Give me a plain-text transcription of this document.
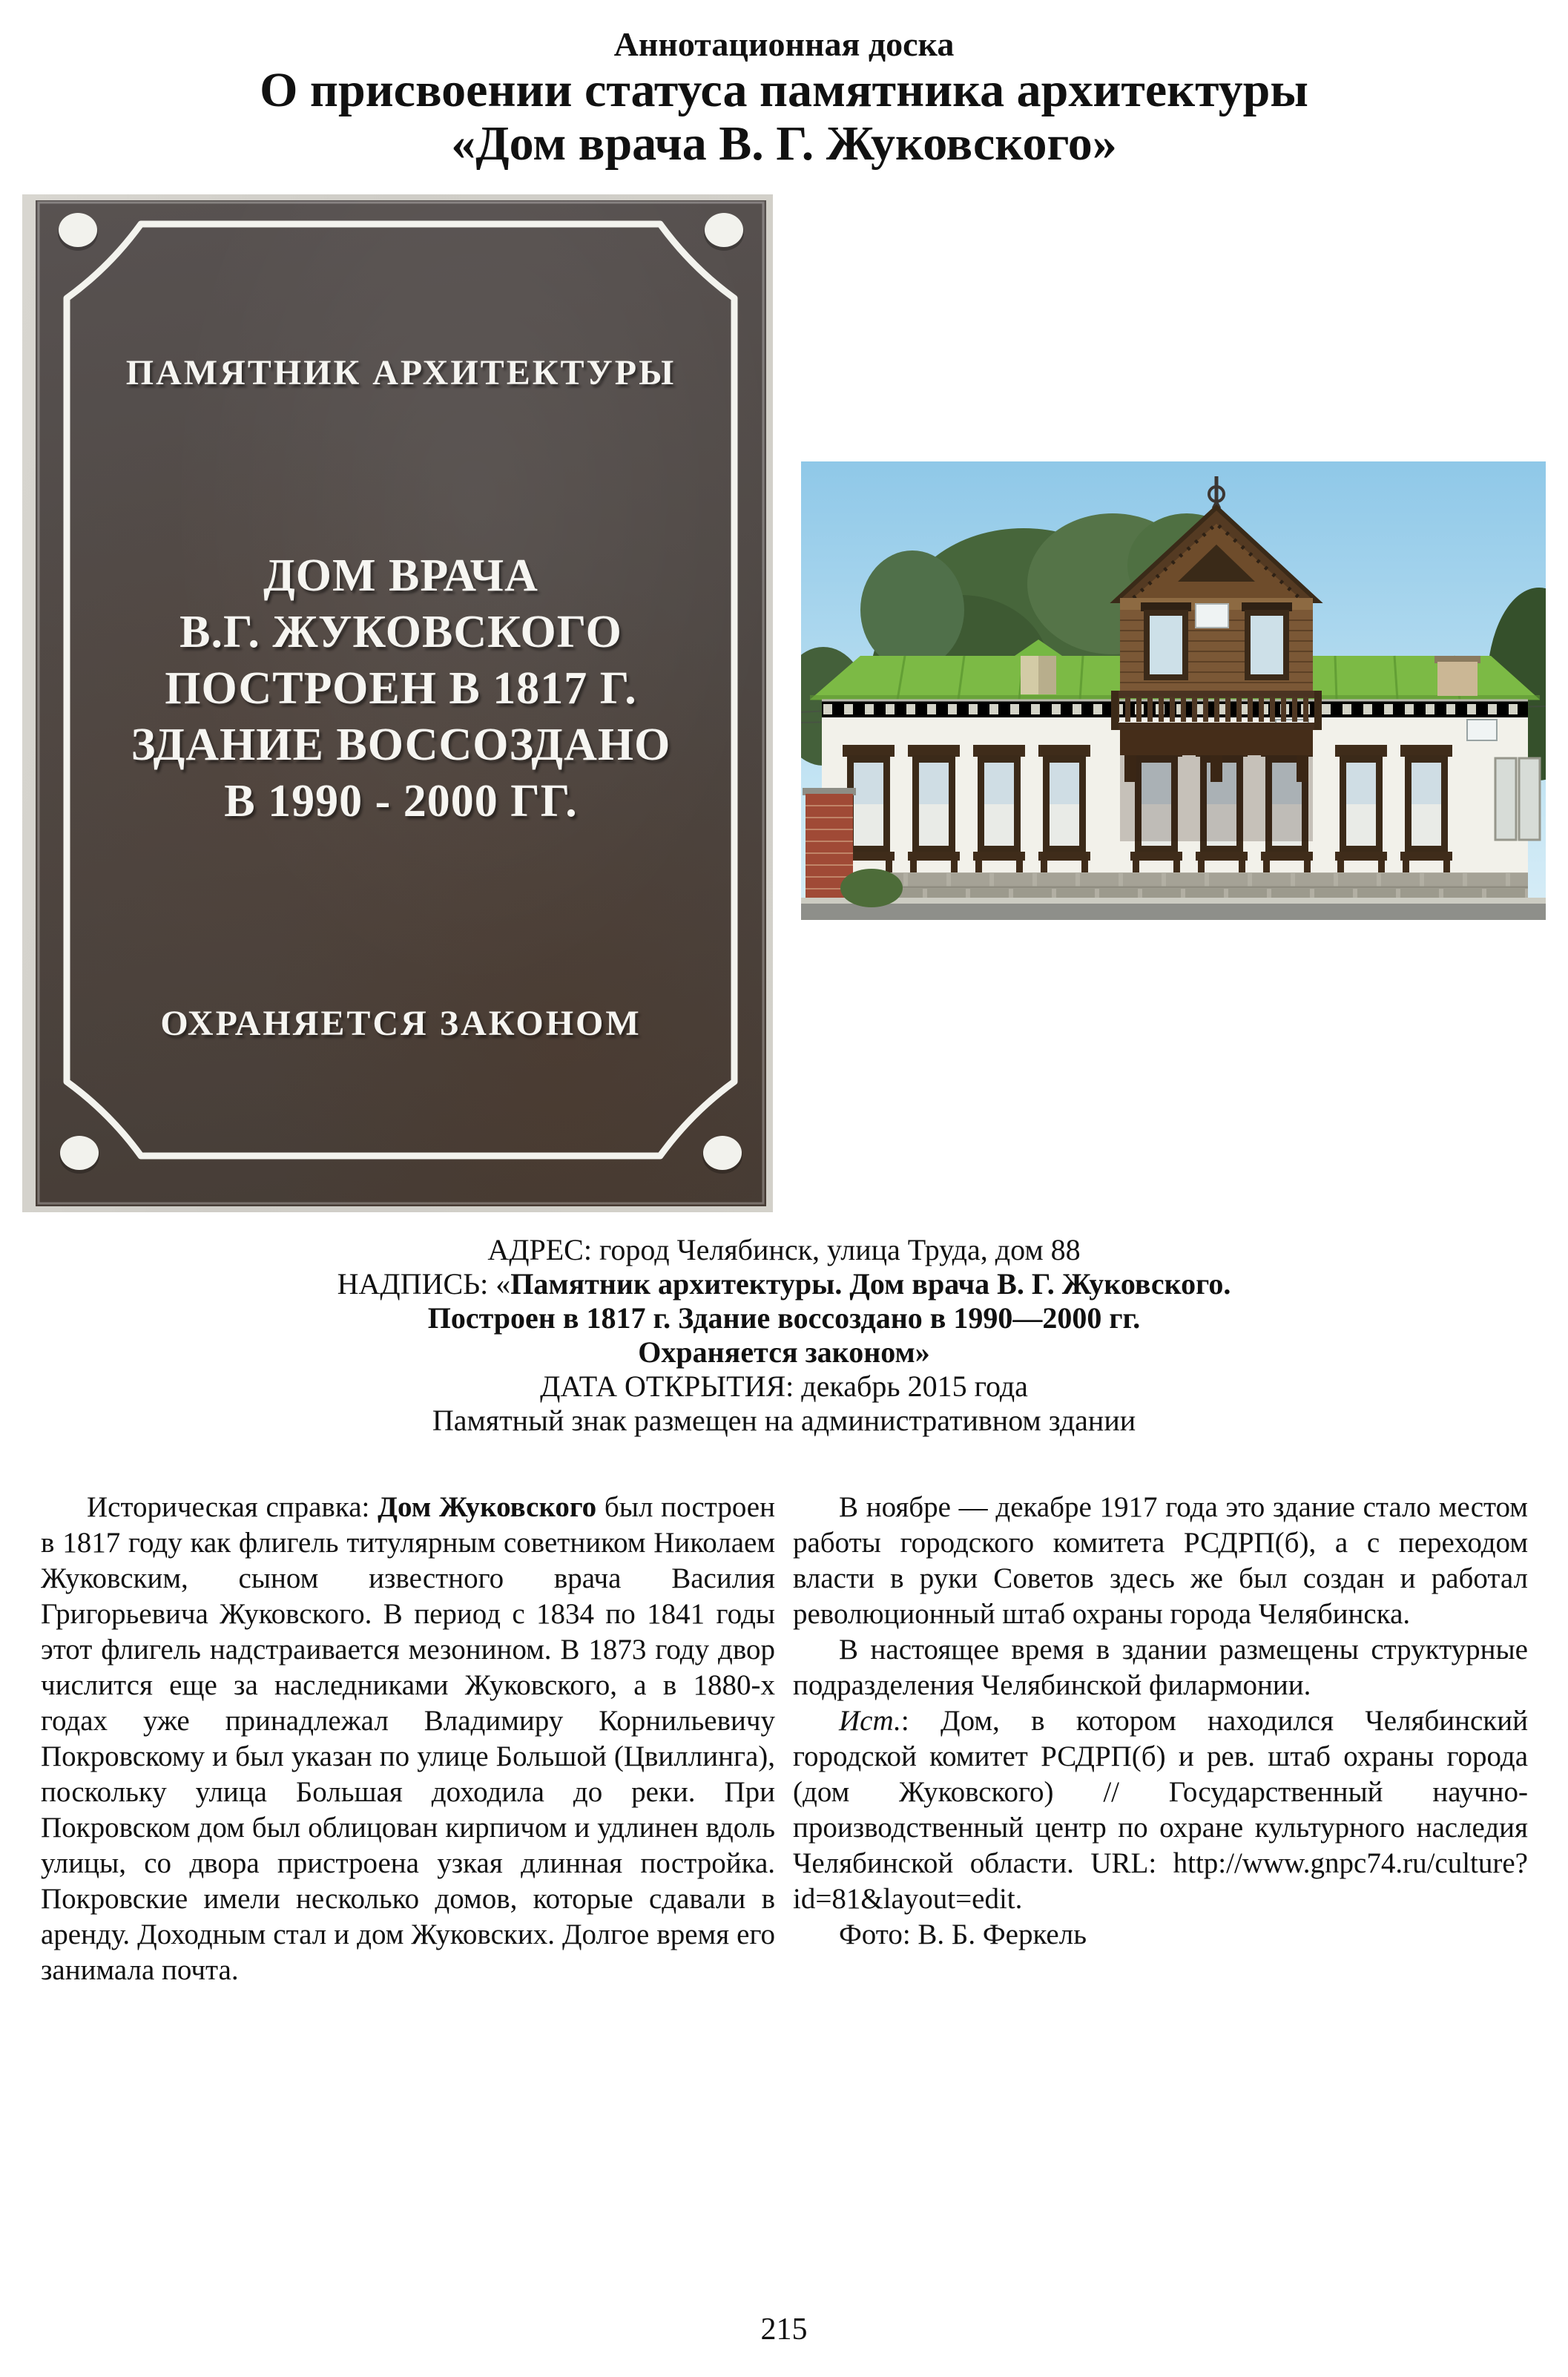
Аннотационная доска
О присвоении статуса памятника архитектуры
«Дом врача В. Г. Жуковского»
ПАМЯТНИК АРХИТЕКТУРЫ
ДОМ ВРАЧА
В.Г. ЖУКОВСКОГО
ПОСТРОЕН В 1817 Г.
ЗДАНИЕ ВОССОЗДАНО
В 1990 - 2000 ГГ.
ОХРАНЯЕТСЯ ЗАКОНОМ
АДРЕС: город Челябинск, улица Труда, дом 88
НАДПИСЬ: «Памятник архитектуры. Дом врача В. Г. Жуковского.
Построен в 1817 г. Здание воссоздано в 1990—2000 гг.
Охраняется законом»
ДАТА ОТКРЫТИЯ: декабрь 2015 года
Памятный знак размещен на административном здании

Историческая справка: Дом Жуковского был построен в 1817 году как флигель титулярным советником Николаем Жуковским, сыном известного врача Василия Григорьевича Жуковского. В период с 1834 по 1841 годы этот флигель надстраивается мезонином. В 1873 году двор числится еще за наследниками Жуковского, а в 1880-х годах уже принадлежал Владимиру Корнильевичу Покровскому и был указан по улице Большой (Цвиллинга), поскольку улица Большая доходила до реки. При Покровском дом был облицован кирпичом и удлинен вдоль улицы, со двора пристроена узкая длинная постройка. Покровские имели несколько домов, которые сдавали в аренду. Доходным стал и дом Жуковских. Долгое время его занимала почта.

В ноябре — декабре 1917 года это здание стало местом работы городского комитета РСДРП(б), а с переходом власти в руки Советов здесь же был создан и работал революционный штаб охраны города Челябинска.

В настоящее время в здании размещены структурные подразделения Челябинской филармонии.

Ист.: Дом, в котором находился Челябинский городской комитет РСДРП(б) и рев. штаб охраны города (дом Жуковского) // Государственный научно-производственный центр по охране культурного наследия Челябинской области. URL: http://www.gnpc74.ru/culture?id=81&layout=edit.

Фото: В. Б. Феркель

215
